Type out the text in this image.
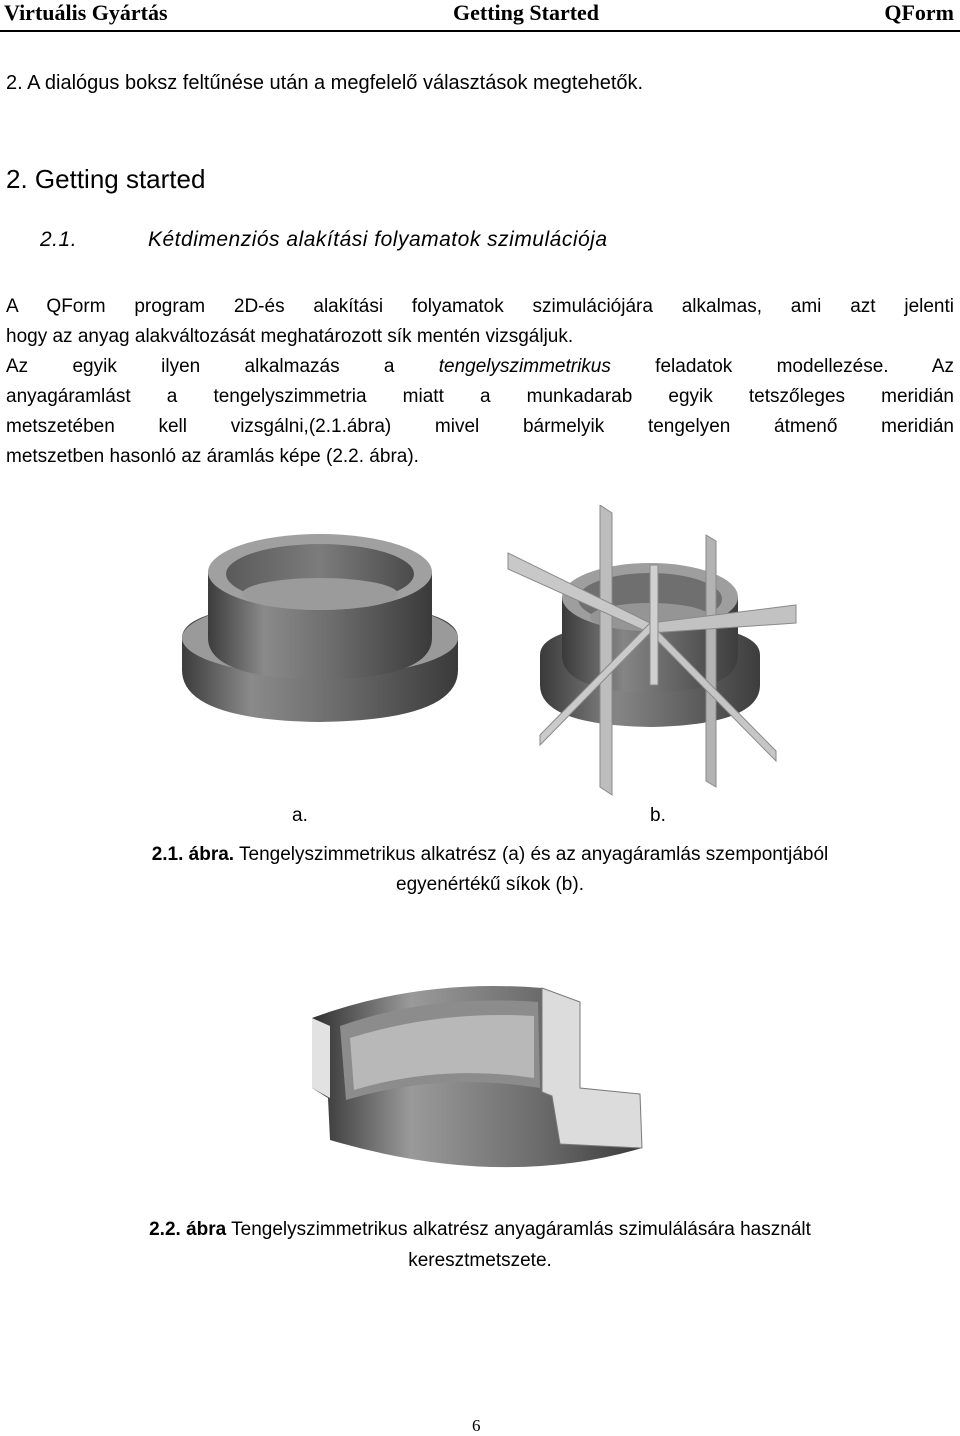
Virtuális Gyártás	Getting Started	QForm
2. A dialógus boksz feltűnése után a megfelelő választások megtehetők.
2. Getting started
2.1.	Kétdimenziós alakítási folyamatok szimulációja
A QForm program 2D-és alakítási folyamatok szimulációjára alkalmas, ami azt jelenti
hogy az anyag alakváltozását meghatározott sík mentén vizsgáljuk.
Az egyik ilyen alkalmazás a tengelyszimmetrikus feladatok modellezése. Az
anyagáramlást a tengelyszimmetria miatt a munkadarab egyik tetszőleges meridián
metszetében kell vizsgálni,(2.1.ábra) mivel bármelyik tengelyen átmenő meridián
metszetben hasonló az áramlás képe (2.2. ábra).
a.	b.
2.1. ábra. Tengelyszimmetrikus alkatrész (a) és az anyagáramlás szempontjából
egyenértékű síkok (b).
2.2. ábra Tengelyszimmetrikus alkatrész anyagáramlás szimulálására használt
keresztmetszete.
6
